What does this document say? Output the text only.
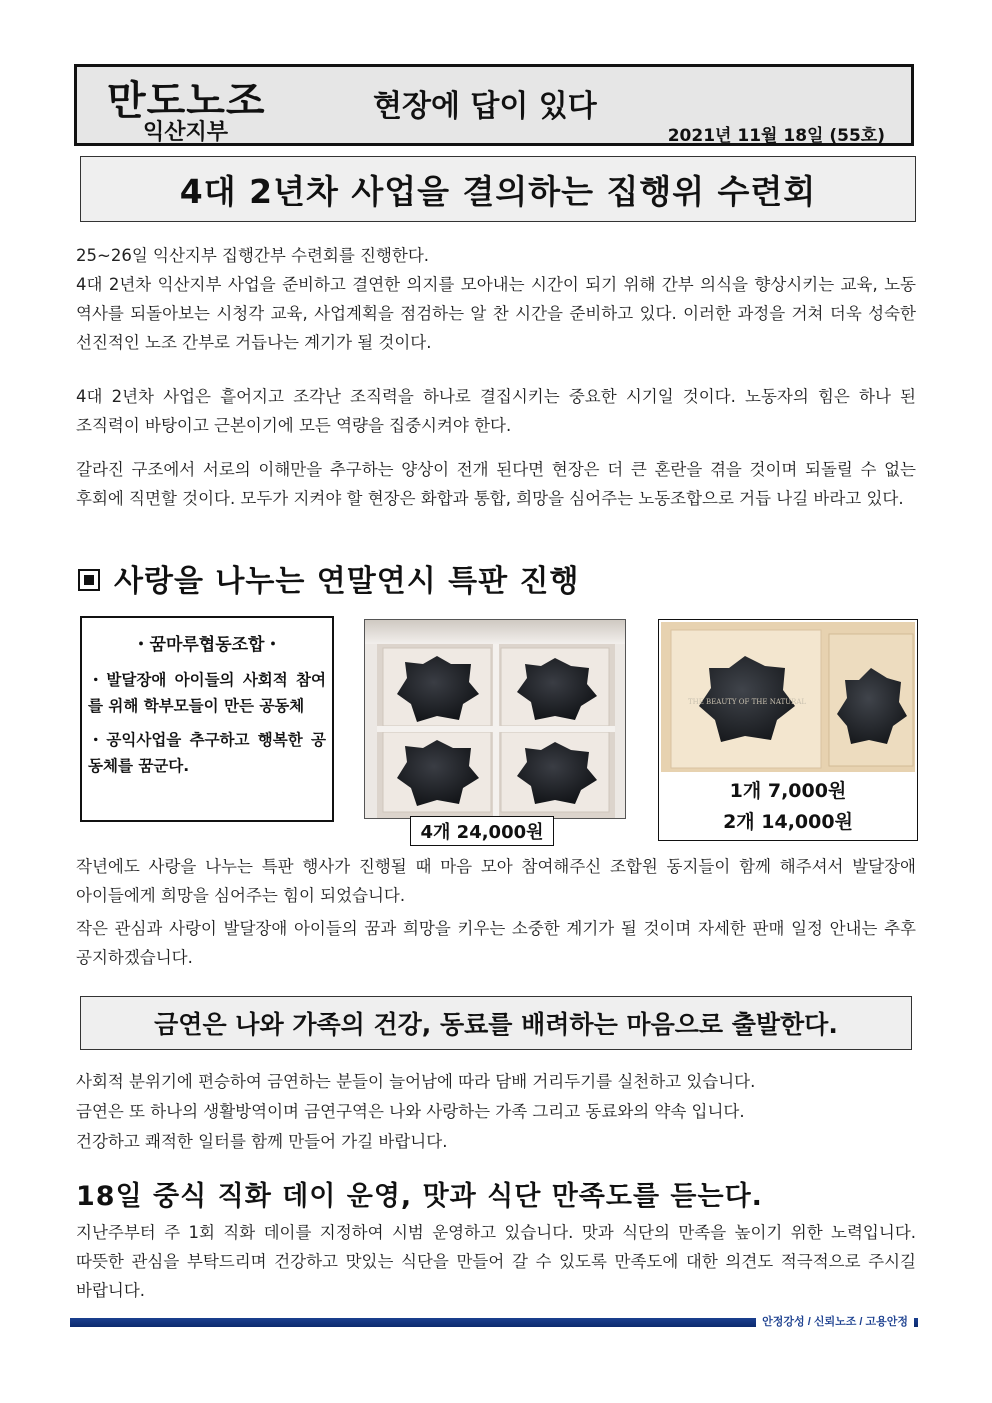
만도노조
익산지부
현장에 답이 있다
2021년 11월 18일 (55호)
4대 2년차 사업을 결의하는 집행위 수련회

25~26일 익산지부 집행간부 수련회를 진행한다.

4대 2년차 익산지부 사업을 준비하고 결연한 의지를 모아내는 시간이 되기 위해 간부 의식을 향상시키는 교육, 노동 역사를 되돌아보는 시청각 교육, 사업계획을 점검하는 알 찬 시간을 준비하고 있다. 이러한 과정을 거쳐 더욱 성숙한 선진적인 노조 간부로 거듭나는 계기가 될 것이다.

4대 2년차 사업은 흩어지고 조각난 조직력을 하나로 결집시키는 중요한 시기일 것이다. 노동자의 힘은 하나 된 조직력이 바탕이고 근본이기에 모든 역량을 집중시켜야 한다.

갈라진 구조에서 서로의 이해만을 추구하는 양상이 전개 된다면 현장은 더 큰 혼란을 겪을 것이며 되돌릴 수 없는 후회에 직면할 것이다. 모두가 지켜야 할 현장은 화합과 통합, 희망을 심어주는 노동조합으로 거듭 나길 바라고 있다.

사랑을 나누는 연말연시 특판 진행
・꿈마루협동조합・

・발달장애 아이들의 사회적 참여를 위해 학부모들이 만든 공동체

・공익사업을 추구하고 행복한 공동체를 꿈군다.

4개 24,000원
THE BEAUTY OF THE NATURAL
1개 7,000원
2개 14,000원

작년에도 사랑을 나누는 특판 행사가 진행될 때 마음 모아 참여해주신 조합원 동지들이 함께 해주셔서 발달장애 아이들에게 희망을 심어주는 힘이 되었습니다.

작은 관심과 사랑이 발달장애 아이들의 꿈과 희망을 키우는 소중한 계기가 될 것이며 자세한 판매 일정 안내는 추후 공지하겠습니다.

금연은 나와 가족의 건강, 동료를 배려하는 마음으로 출발한다.

사회적 분위기에 편승하여 금연하는 분들이 늘어남에 따라 담배 거리두기를 실천하고 있습니다.

금연은 또 하나의 생활방역이며 금연구역은 나와 사랑하는 가족 그리고 동료와의 약속 입니다.

건강하고 쾌적한 일터를 함께 만들어 가길 바랍니다.

18일 중식 직화 데이 운영, 맛과 식단 만족도를 듣는다.

지난주부터 주 1회 직화 데이를 지정하여 시범 운영하고 있습니다. 맛과 식단의 만족을 높이기 위한 노력입니다. 따뜻한 관심을 부탁드리며 건강하고 맛있는 식단을 만들어 갈 수 있도록 만족도에 대한 의견도 적극적으로 주시길 바랍니다.

안정강성 / 신뢰노조 / 고용안정
